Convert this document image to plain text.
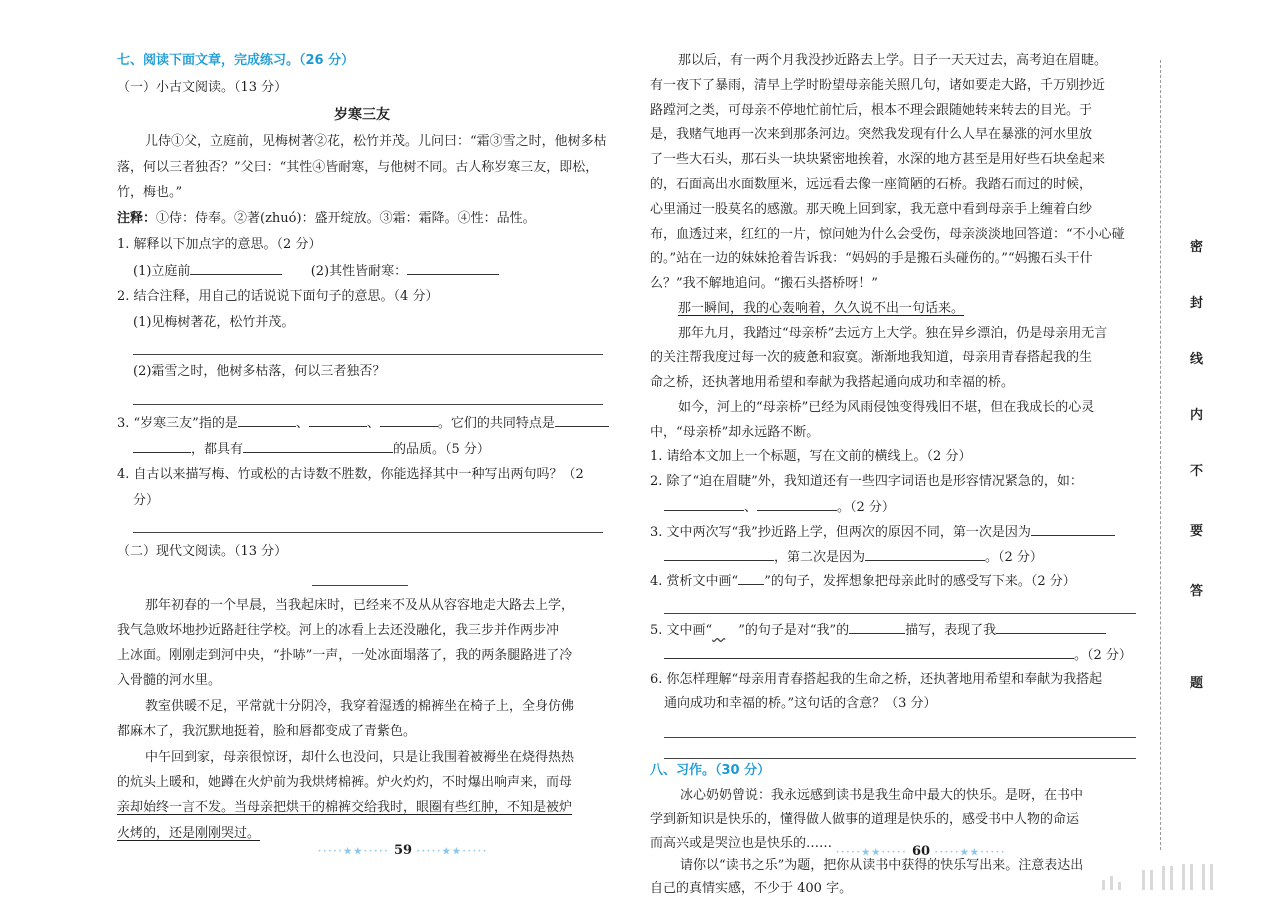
七、阅读下面文章，完成练习。（26 分）
（一）小古文阅读。（13 分）
岁寒三友
儿侍①父，立庭前，见梅树著②花，松竹并茂。儿问曰：“霜③雪之时，他树多枯
落，何以三者独否？”父曰：“其性④皆耐寒，与他树不同。古人称岁寒三友，即松，
竹，梅也。”
注释：①侍：侍奉。②著(zhuó)：盛开绽放。③霜：霜降。④性：品性。
1. 解释以下加点字的意思。（2 分）
(1)立庭前	(2)其性皆耐寒：
2. 结合注释，用自己的话说说下面句子的意思。（4 分）
(1)见梅树著花，松竹并茂。
(2)霜雪之时，他树多枯落，何以三者独否？
3. “岁寒三友”指的是	、	、	。它们的共同特点是
，都具有	的品质。（5 分）
4. 自古以来描写梅、竹或松的古诗数不胜数，你能选择其中一种写出两句吗？（2
分）
（二）现代文阅读。（13 分）
那年初春的一个早晨，当我起床时，已经来不及从从容容地走大路去上学，
我气急败坏地抄近路赶往学校。河上的冰看上去还没融化，我三步并作两步冲
上冰面。刚刚走到河中央，“扑哧”一声，一处冰面塌落了，我的两条腿路进了冷
入骨髓的河水里。
教室供暖不足，平常就十分阴冷，我穿着湿透的棉裤坐在椅子上，全身仿佛
都麻木了，我沉默地挺着，脸和唇都变成了青紫色。
中午回到家，母亲很惊讶，却什么也没问，只是让我围着被褥坐在烧得热热
的炕头上暖和，她蹲在火炉前为我烘烤棉裤。炉火灼灼，不时爆出响声来，而母
亲却始终一言不发。当母亲把烘干的棉裤交给我时，眼圈有些红肿，不知是被炉
火烤的，还是刚刚哭过。
·····★★····· 59 ·····★★·····
那以后，有一两个月我没抄近路去上学。日子一天天过去，高考迫在眉睫。
有一夜下了暴雨，清早上学时盼望母亲能关照几句，诸如要走大路，千万别抄近
路蹚河之类，可母亲不停地忙前忙后，根本不理会跟随她转来转去的目光。于
是，我赌气地再一次来到那条河边。突然我发现有什么人早在暴涨的河水里放
了一些大石头，那石头一块块紧密地挨着，水深的地方甚至是用好些石块垒起来
的，石面高出水面数厘米，远远看去像一座简陋的石桥。我踏石而过的时候，
心里涌过一股莫名的感激。那天晚上回到家，我无意中看到母亲手上缠着白纱
布，血透过来，红红的一片，惊问她为什么会受伤，母亲淡淡地回答道：“不小心碰
的。”站在一边的妹妹抢着告诉我：“妈妈的手是搬石头碰伤的。”“妈搬石头干什
么？”我不解地追问。“搬石头搭桥呀！”
那一瞬间，我的心轰响着，久久说不出一句话来。
那年九月，我踏过“母亲桥”去远方上大学。独在异乡漂泊，仍是母亲用无言
的关注帮我度过每一次的疲惫和寂寞。渐渐地我知道，母亲用青春搭起我的生
命之桥，还执著地用希望和奉献为我搭起通向成功和幸福的桥。
如今，河上的“母亲桥”已经为风雨侵蚀变得残旧不堪，但在我成长的心灵
中，“母亲桥”却永远路不断。
1. 请给本文加上一个标题，写在文前的横线上。（2 分）
2. 除了“迫在眉睫”外，我知道还有一些四字词语也是形容情况紧急的，如：
、	。（2 分）
3. 文中两次写“我”抄近路上学，但两次的原因不同，第一次是因为
，第二次是因为	。（2 分）
4. 赏析文中画“ ”的句子，发挥想象把母亲此时的感受写下来。（2 分）
5. 文中画“　 ”的句子是对“我”的	描写，表现了我
。（2 分）
6. 你怎样理解“母亲用青春搭起我的生命之桥，还执著地用希望和奉献为我搭起
通向成功和幸福的桥。”这句话的含意？（3 分）
八、习作。（30 分）
冰心奶奶曾说：我永远感到读书是我生命中最大的快乐。是呀，在书中
学到新知识是快乐的，懂得做人做事的道理是快乐的，感受书中人物的命运
而高兴或是哭泣也是快乐的……
请你以“读书之乐”为题，把你从读书中获得的快乐写出来。注意表达出
自己的真情实感，不少于 400 字。
·····★★····· 60 ·····★★·····
密
封
线
内
不
要
答
题
